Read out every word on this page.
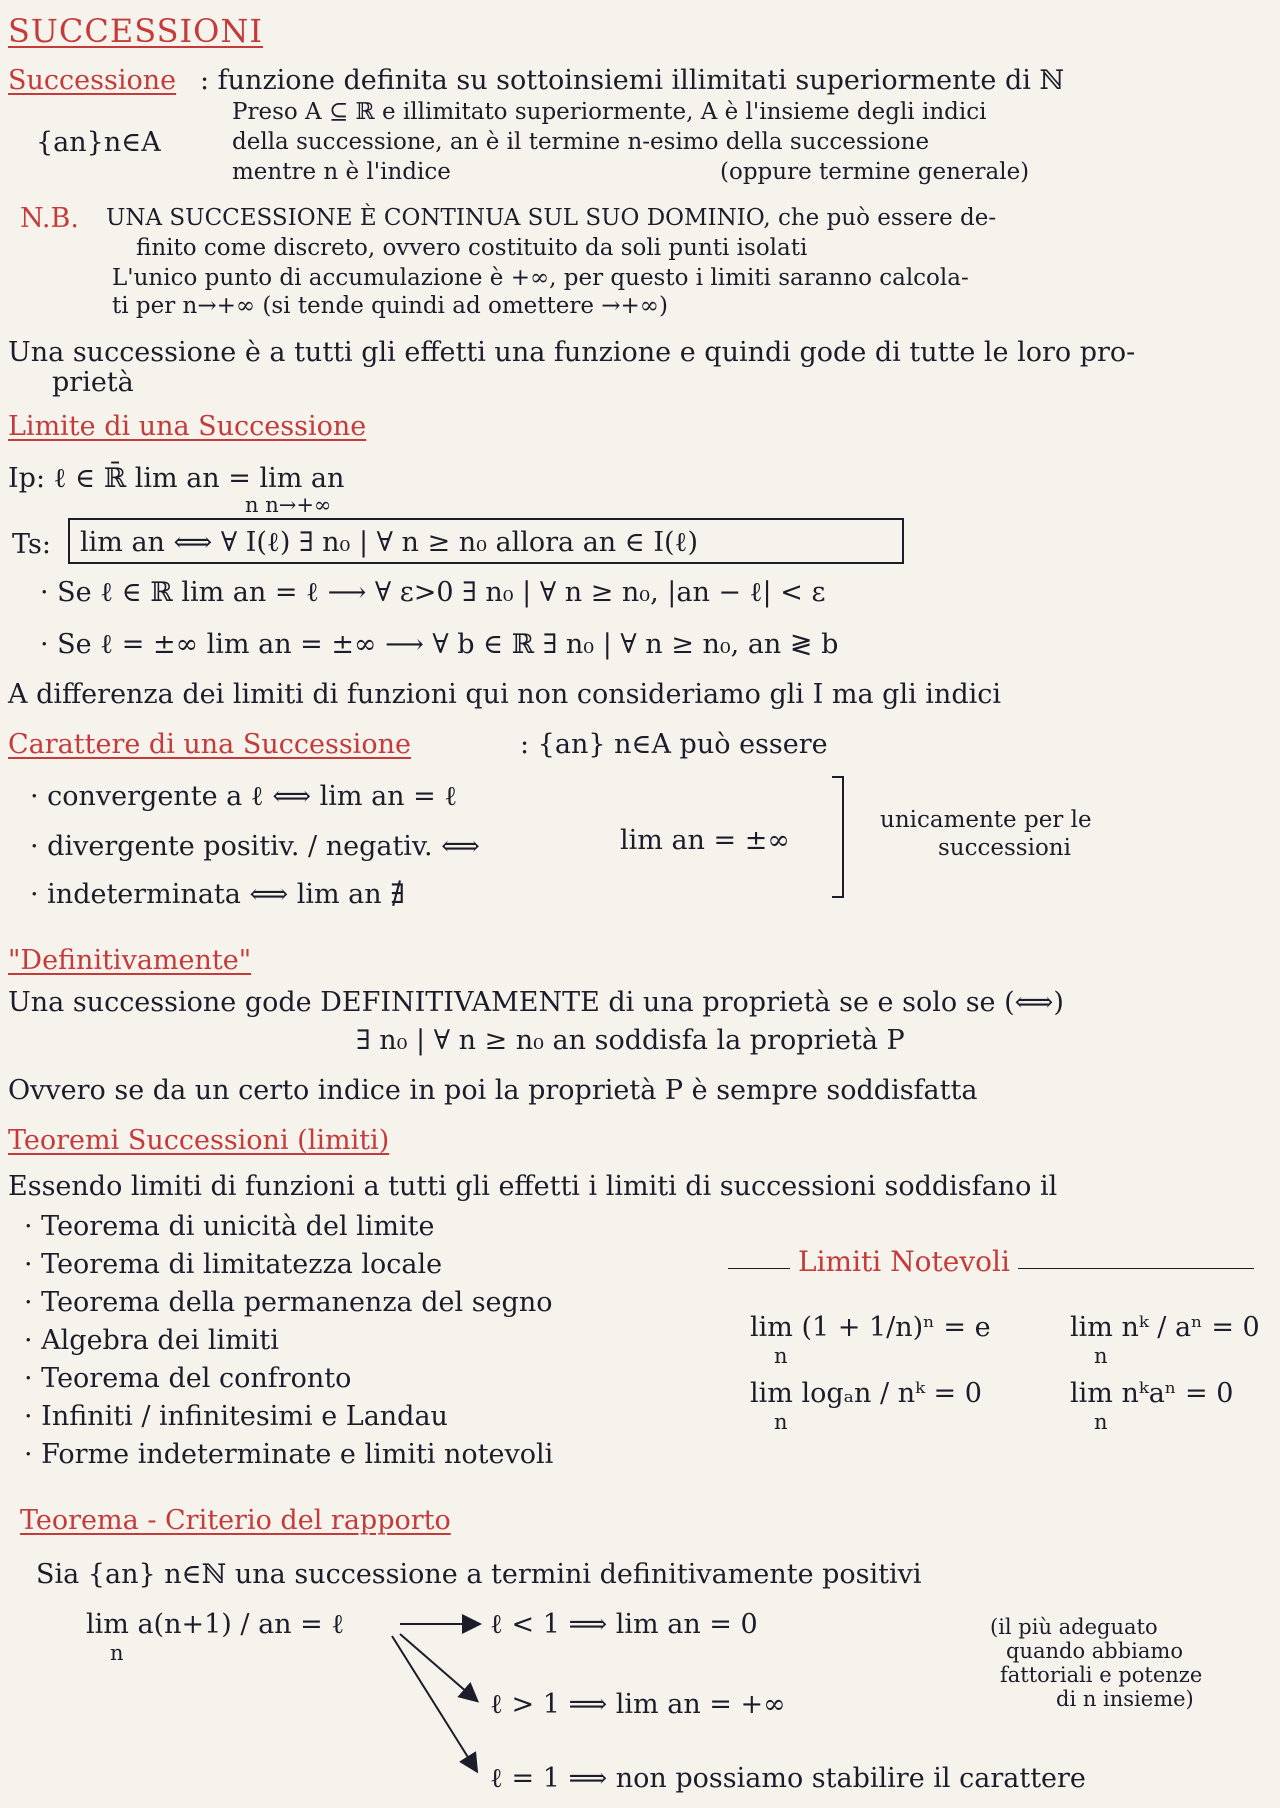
SUCCESSIONI
Successione : funzione definita su sottoinsiemi illimitati superiormente di ℕ
{an}n∈A
Preso A ⊆ ℝ e illimitato superiormente, A è l'insieme degli indici
della successione, an è il termine n-esimo della successione
mentre n è l'indice	(oppure termine generale)
N.B. UNA SUCCESSIONE È CONTINUA SUL SUO DOMINIO, che può essere de-
finito come discreto, ovvero costituito da soli punti isolati
L'unico punto di accumulazione è +∞, per questo i limiti saranno calcola-
ti per n→+∞ (si tende quindi ad omettere →+∞)
Una successione è a tutti gli effetti una funzione e quindi gode di tutte le loro pro-
prietà
Limite di una Successione
Ip: ℓ ∈ ℝ̄ lim an = lim an
n n→+∞
Ts: lim an ⟺ ∀ I(ℓ) ∃ n₀ | ∀ n ≥ n₀ allora an ∈ I(ℓ)
· Se ℓ ∈ ℝ lim an = ℓ ⟶ ∀ ε>0 ∃ n₀ | ∀ n ≥ n₀, |an − ℓ| < ε
· Se ℓ = ±∞ lim an = ±∞ ⟶ ∀ b ∈ ℝ ∃ n₀ | ∀ n ≥ n₀, an ≷ b
A differenza dei limiti di funzioni qui non consideriamo gli I ma gli indici
Carattere di una Successione	: {an} n∈A può essere
· convergente a ℓ ⟺ lim an = ℓ
· divergente positiv. / negativ. ⟺	lim an = ±∞
· indeterminata ⟺ lim an ∄
unicamente per le
successioni
"Definitivamente"
Una successione gode DEFINITIVAMENTE di una proprietà se e solo se (⟺)
∃ n₀ | ∀ n ≥ n₀ an soddisfa la proprietà P
Ovvero se da un certo indice in poi la proprietà P è sempre soddisfatta
Teoremi Successioni (limiti)
Essendo limiti di funzioni a tutti gli effetti i limiti di successioni soddisfano il
· Teorema di unicità del limite
· Teorema di limitatezza locale
· Teorema della permanenza del segno
· Algebra dei limiti
· Teorema del confronto
· Infiniti / infinitesimi e Landau
· Forme indeterminate e limiti notevoli
Limiti Notevoli
lim (1 + 1/n)ⁿ = e
n
lim nᵏ / aⁿ = 0
n
lim logₐn / nᵏ = 0
n
lim nᵏaⁿ = 0
n
Teorema - Criterio del rapporto
Sia {an} n∈ℕ una successione a termini definitivamente positivi
lim a(n+1) / an = ℓ
n
ℓ < 1 ⟹ lim an = 0
ℓ > 1 ⟹ lim an = +∞
ℓ = 1 ⟹ non possiamo stabilire il carattere
(il più adeguato
quando abbiamo
fattoriali e potenze
di n insieme)
